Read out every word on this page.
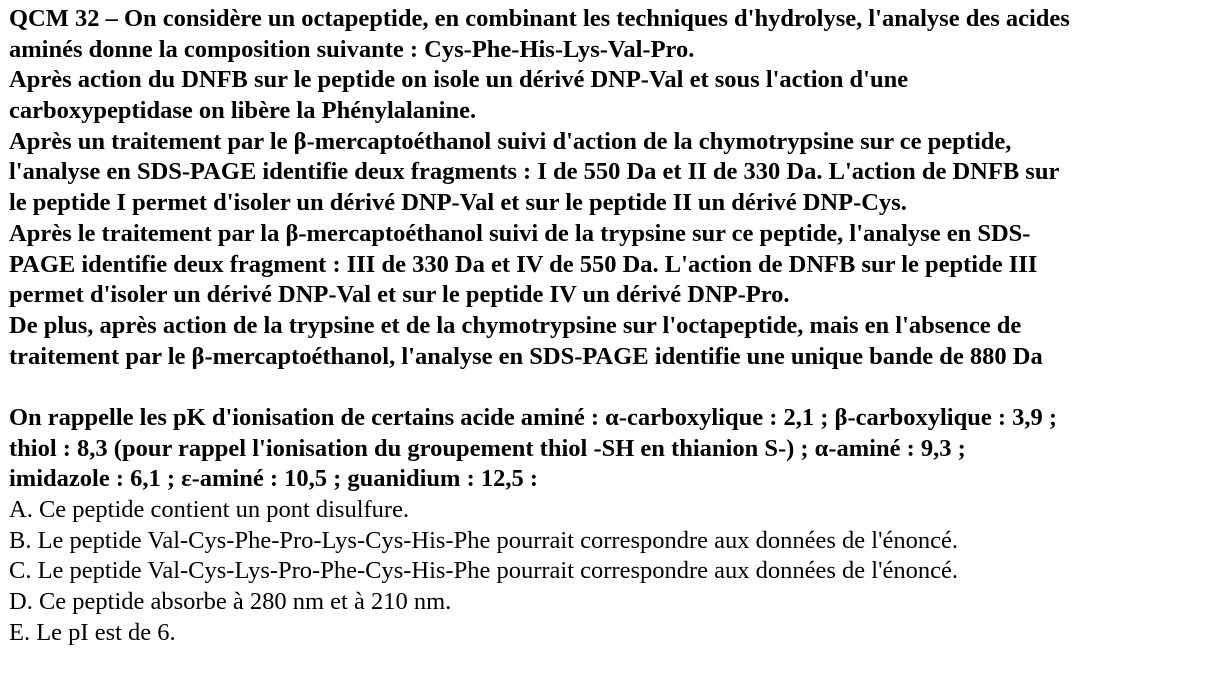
QCM 32 – On considère un octapeptide, en combinant les techniques d'hydrolyse, l'analyse des acides
aminés donne la composition suivante : Cys-Phe-His-Lys-Val-Pro.
Après action du DNFB sur le peptide on isole un dérivé DNP-Val et sous l'action d'une
carboxypeptidase on libère la Phénylalanine.
Après un traitement par le β-mercaptoéthanol suivi d'action de la chymotrypsine sur ce peptide,
l'analyse en SDS-PAGE identifie deux fragments : I de 550 Da et II de 330 Da. L'action de DNFB sur
le peptide I permet d'isoler un dérivé DNP-Val et sur le peptide II un dérivé DNP-Cys.
Après le traitement par la β-mercaptoéthanol suivi de la trypsine sur ce peptide, l'analyse en SDS-
PAGE identifie deux fragment : III de 330 Da et IV de 550 Da. L'action de DNFB sur le peptide III
permet d'isoler un dérivé DNP-Val et sur le peptide IV un dérivé DNP-Pro.
De plus, après action de la trypsine et de la chymotrypsine sur l'octapeptide, mais en l'absence de
traitement par le β-mercaptoéthanol, l'analyse en SDS-PAGE identifie une unique bande de 880 Da
On rappelle les pK d'ionisation de certains acide aminé : α-carboxylique : 2,1 ; β-carboxylique : 3,9 ;
thiol : 8,3 (pour rappel l'ionisation du groupement thiol -SH en thianion S-) ; α-aminé : 9,3 ;
imidazole : 6,1 ; ε-aminé : 10,5 ; guanidium : 12,5 :
A. Ce peptide contient un pont disulfure.
B. Le peptide Val-Cys-Phe-Pro-Lys-Cys-His-Phe pourrait correspondre aux données de l'énoncé.
C. Le peptide Val-Cys-Lys-Pro-Phe-Cys-His-Phe pourrait correspondre aux données de l'énoncé.
D. Ce peptide absorbe à 280 nm et à 210 nm.
E. Le pI est de 6.
